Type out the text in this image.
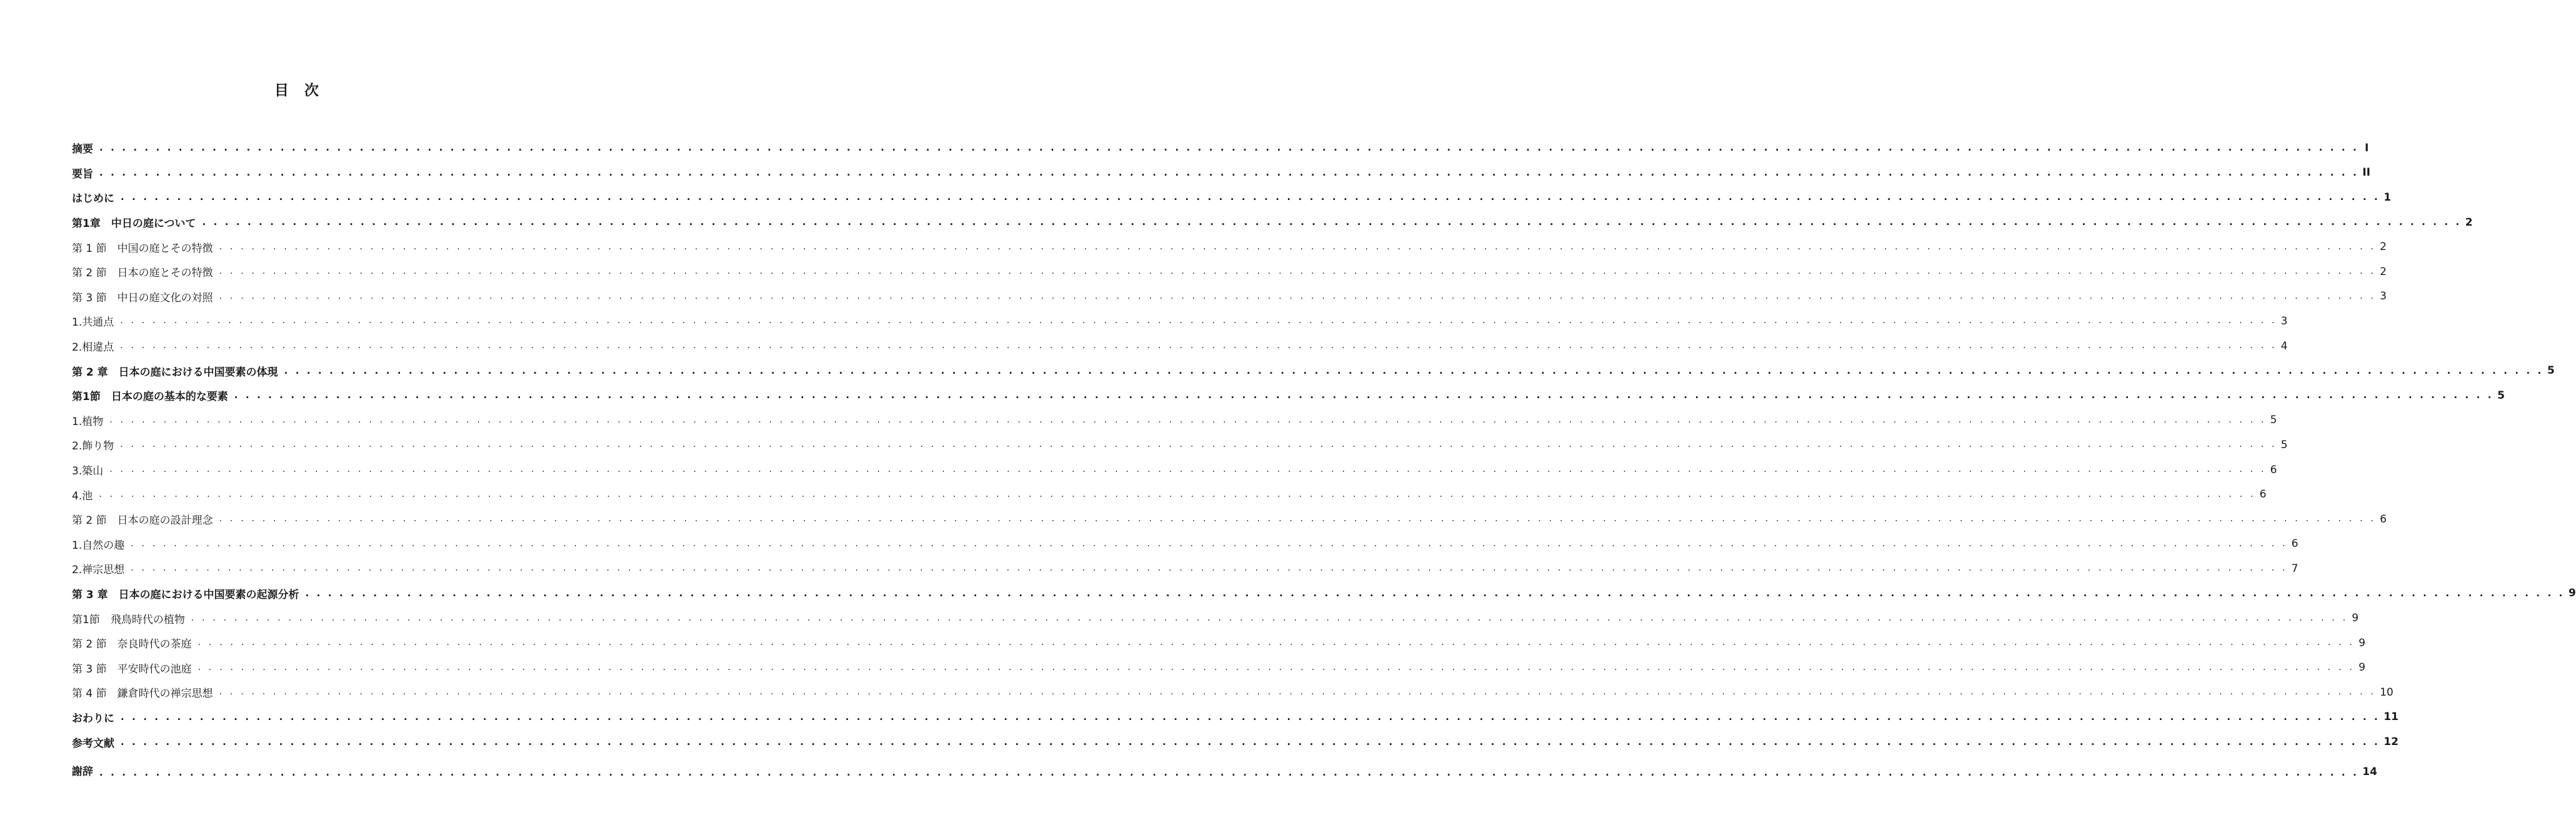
目　次
摘要 . . . . . . . . . . . . . . . . . . . . . . . . . . . . . . . . . . . . . . . . . . . . . . . . . . . . . . . . . . . . . . . . . . . . . . . . . . . . . . . . . . . . . . . . . . . . . . . . . . . . . . . . . . . . . . . . . . . . . . . . . . . . . . . . . . . . . . . . . . . . . . . . . . . . . . . . . . . . . . . . . . . . . . . . . . . . . . . . . . . . . . . . . . . . . . . . . . . . . . . . I
要旨 . . . . . . . . . . . . . . . . . . . . . . . . . . . . . . . . . . . . . . . . . . . . . . . . . . . . . . . . . . . . . . . . . . . . . . . . . . . . . . . . . . . . . . . . . . . . . . . . . . . . . . . . . . . . . . . . . . . . . . . . . . . . . . . . . . . . . . . . . . . . . . . . . . . . . . . . . . . . . . . . . . . . . . . . . . . . . . . . . . . . . . . . . . . . . . . . . . . . . . . . II
はじめに . . . . . . . . . . . . . . . . . . . . . . . . . . . . . . . . . . . . . . . . . . . . . . . . . . . . . . . . . . . . . . . . . . . . . . . . . . . . . . . . . . . . . . . . . . . . . . . . . . . . . . . . . . . . . . . . . . . . . . . . . . . . . . . . . . . . . . . . . . . . . . . . . . . . . . . . . . . . . . . . . . . . . . . . . . . . . . . . . . . . . . . . . . . . . . . . . . . . . . . . 1
第1章　中日の庭について . . . . . . . . . . . . . . . . . . . . . . . . . . . . . . . . . . . . . . . . . . . . . . . . . . . . . . . . . . . . . . . . . . . . . . . . . . . . . . . . . . . . . . . . . . . . . . . . . . . . . . . . . . . . . . . . . . . . . . . . . . . . . . . . . . . . . . . . . . . . . . . . . . . . . . . . . . . . . . . . . . . . . . . . . . . . . . . . . . . . . . . . . . . . . . . . . . . . . . . . 2
第 1 節　中国の庭とその特徴 . . . . . . . . . . . . . . . . . . . . . . . . . . . . . . . . . . . . . . . . . . . . . . . . . . . . . . . . . . . . . . . . . . . . . . . . . . . . . . . . . . . . . . . . . . . . . . . . . . . . . . . . . . . . . . . . . . . . . . . . . . . . . . . . . . . . . . . . . . . . . . . . . . . . . . . . . . . . . . . . . . . . . . . . . . . . . . . . . . . . . . . . . . . . . . . . . . . . . . . . 2
第 2 節　日本の庭とその特徴 . . . . . . . . . . . . . . . . . . . . . . . . . . . . . . . . . . . . . . . . . . . . . . . . . . . . . . . . . . . . . . . . . . . . . . . . . . . . . . . . . . . . . . . . . . . . . . . . . . . . . . . . . . . . . . . . . . . . . . . . . . . . . . . . . . . . . . . . . . . . . . . . . . . . . . . . . . . . . . . . . . . . . . . . . . . . . . . . . . . . . . . . . . . . . . . . . . . . . . . . 2
第 3 節　中日の庭文化の対照 . . . . . . . . . . . . . . . . . . . . . . . . . . . . . . . . . . . . . . . . . . . . . . . . . . . . . . . . . . . . . . . . . . . . . . . . . . . . . . . . . . . . . . . . . . . . . . . . . . . . . . . . . . . . . . . . . . . . . . . . . . . . . . . . . . . . . . . . . . . . . . . . . . . . . . . . . . . . . . . . . . . . . . . . . . . . . . . . . . . . . . . . . . . . . . . . . . . . . . . . 3
1.共通点 . . . . . . . . . . . . . . . . . . . . . . . . . . . . . . . . . . . . . . . . . . . . . . . . . . . . . . . . . . . . . . . . . . . . . . . . . . . . . . . . . . . . . . . . . . . . . . . . . . . . . . . . . . . . . . . . . . . . . . . . . . . . . . . . . . . . . . . . . . . . . . . . . . . . . . . . . . . . . . . . . . . . . . . . . . . . . . . . . . . . . . . . . . . . . . . . . . . . . . . . 3
2.相違点 . . . . . . . . . . . . . . . . . . . . . . . . . . . . . . . . . . . . . . . . . . . . . . . . . . . . . . . . . . . . . . . . . . . . . . . . . . . . . . . . . . . . . . . . . . . . . . . . . . . . . . . . . . . . . . . . . . . . . . . . . . . . . . . . . . . . . . . . . . . . . . . . . . . . . . . . . . . . . . . . . . . . . . . . . . . . . . . . . . . . . . . . . . . . . . . . . . . . . . . . 4
第 2 章　日本の庭における中国要素の体現 . . . . . . . . . . . . . . . . . . . . . . . . . . . . . . . . . . . . . . . . . . . . . . . . . . . . . . . . . . . . . . . . . . . . . . . . . . . . . . . . . . . . . . . . . . . . . . . . . . . . . . . . . . . . . . . . . . . . . . . . . . . . . . . . . . . . . . . . . . . . . . . . . . . . . . . . . . . . . . . . . . . . . . . . . . . . . . . . . . . . . . . . . . . . . . . . . . . . . . . . 5
第1節　日本の庭の基本的な要素 . . . . . . . . . . . . . . . . . . . . . . . . . . . . . . . . . . . . . . . . . . . . . . . . . . . . . . . . . . . . . . . . . . . . . . . . . . . . . . . . . . . . . . . . . . . . . . . . . . . . . . . . . . . . . . . . . . . . . . . . . . . . . . . . . . . . . . . . . . . . . . . . . . . . . . . . . . . . . . . . . . . . . . . . . . . . . . . . . . . . . . . . . . . . . . . . . . . . . . . . 5
1.植物 . . . . . . . . . . . . . . . . . . . . . . . . . . . . . . . . . . . . . . . . . . . . . . . . . . . . . . . . . . . . . . . . . . . . . . . . . . . . . . . . . . . . . . . . . . . . . . . . . . . . . . . . . . . . . . . . . . . . . . . . . . . . . . . . . . . . . . . . . . . . . . . . . . . . . . . . . . . . . . . . . . . . . . . . . . . . . . . . . . . . . . . . . . . . . . . . . . . . . . . . 5
2.飾り物 . . . . . . . . . . . . . . . . . . . . . . . . . . . . . . . . . . . . . . . . . . . . . . . . . . . . . . . . . . . . . . . . . . . . . . . . . . . . . . . . . . . . . . . . . . . . . . . . . . . . . . . . . . . . . . . . . . . . . . . . . . . . . . . . . . . . . . . . . . . . . . . . . . . . . . . . . . . . . . . . . . . . . . . . . . . . . . . . . . . . . . . . . . . . . . . . . . . . . . . . 5
3.築山 . . . . . . . . . . . . . . . . . . . . . . . . . . . . . . . . . . . . . . . . . . . . . . . . . . . . . . . . . . . . . . . . . . . . . . . . . . . . . . . . . . . . . . . . . . . . . . . . . . . . . . . . . . . . . . . . . . . . . . . . . . . . . . . . . . . . . . . . . . . . . . . . . . . . . . . . . . . . . . . . . . . . . . . . . . . . . . . . . . . . . . . . . . . . . . . . . . . . . . . . 6
4.池 . . . . . . . . . . . . . . . . . . . . . . . . . . . . . . . . . . . . . . . . . . . . . . . . . . . . . . . . . . . . . . . . . . . . . . . . . . . . . . . . . . . . . . . . . . . . . . . . . . . . . . . . . . . . . . . . . . . . . . . . . . . . . . . . . . . . . . . . . . . . . . . . . . . . . . . . . . . . . . . . . . . . . . . . . . . . . . . . . . . . . . . . . . . . . . . . . . . . . . . . 6
第 2 節　日本の庭の設計理念 . . . . . . . . . . . . . . . . . . . . . . . . . . . . . . . . . . . . . . . . . . . . . . . . . . . . . . . . . . . . . . . . . . . . . . . . . . . . . . . . . . . . . . . . . . . . . . . . . . . . . . . . . . . . . . . . . . . . . . . . . . . . . . . . . . . . . . . . . . . . . . . . . . . . . . . . . . . . . . . . . . . . . . . . . . . . . . . . . . . . . . . . . . . . . . . . . . . . . . . . 6
1.自然の趣 . . . . . . . . . . . . . . . . . . . . . . . . . . . . . . . . . . . . . . . . . . . . . . . . . . . . . . . . . . . . . . . . . . . . . . . . . . . . . . . . . . . . . . . . . . . . . . . . . . . . . . . . . . . . . . . . . . . . . . . . . . . . . . . . . . . . . . . . . . . . . . . . . . . . . . . . . . . . . . . . . . . . . . . . . . . . . . . . . . . . . . . . . . . . . . . . . . . . . . . . 6
2.禅宗思想 . . . . . . . . . . . . . . . . . . . . . . . . . . . . . . . . . . . . . . . . . . . . . . . . . . . . . . . . . . . . . . . . . . . . . . . . . . . . . . . . . . . . . . . . . . . . . . . . . . . . . . . . . . . . . . . . . . . . . . . . . . . . . . . . . . . . . . . . . . . . . . . . . . . . . . . . . . . . . . . . . . . . . . . . . . . . . . . . . . . . . . . . . . . . . . . . . . . . . . . . 7
第 3 章　日本の庭における中国要素の起源分析 . . . . . . . . . . . . . . . . . . . . . . . . . . . . . . . . . . . . . . . . . . . . . . . . . . . . . . . . . . . . . . . . . . . . . . . . . . . . . . . . . . . . . . . . . . . . . . . . . . . . . . . . . . . . . . . . . . . . . . . . . . . . . . . . . . . . . . . . . . . . . . . . . . . . . . . . . . . . . . . . . . . . . . . . . . . . . . . . . . . . . . . . . . . . . . . . . . . . . . . . 9
第1節　飛鳥時代の植物 . . . . . . . . . . . . . . . . . . . . . . . . . . . . . . . . . . . . . . . . . . . . . . . . . . . . . . . . . . . . . . . . . . . . . . . . . . . . . . . . . . . . . . . . . . . . . . . . . . . . . . . . . . . . . . . . . . . . . . . . . . . . . . . . . . . . . . . . . . . . . . . . . . . . . . . . . . . . . . . . . . . . . . . . . . . . . . . . . . . . . . . . . . . . . . . . . . . . . . . . 9
第 2 節　奈良時代の茶庭 . . . . . . . . . . . . . . . . . . . . . . . . . . . . . . . . . . . . . . . . . . . . . . . . . . . . . . . . . . . . . . . . . . . . . . . . . . . . . . . . . . . . . . . . . . . . . . . . . . . . . . . . . . . . . . . . . . . . . . . . . . . . . . . . . . . . . . . . . . . . . . . . . . . . . . . . . . . . . . . . . . . . . . . . . . . . . . . . . . . . . . . . . . . . . . . . . . . . . . . . 9
第 3 節　平安時代の池庭 . . . . . . . . . . . . . . . . . . . . . . . . . . . . . . . . . . . . . . . . . . . . . . . . . . . . . . . . . . . . . . . . . . . . . . . . . . . . . . . . . . . . . . . . . . . . . . . . . . . . . . . . . . . . . . . . . . . . . . . . . . . . . . . . . . . . . . . . . . . . . . . . . . . . . . . . . . . . . . . . . . . . . . . . . . . . . . . . . . . . . . . . . . . . . . . . . . . . . . . . 9
第 4 節　鎌倉時代の禅宗思想 . . . . . . . . . . . . . . . . . . . . . . . . . . . . . . . . . . . . . . . . . . . . . . . . . . . . . . . . . . . . . . . . . . . . . . . . . . . . . . . . . . . . . . . . . . . . . . . . . . . . . . . . . . . . . . . . . . . . . . . . . . . . . . . . . . . . . . . . . . . . . . . . . . . . . . . . . . . . . . . . . . . . . . . . . . . . . . . . . . . . . . . . . . . . . . . . . . . . . . . . 10
おわりに . . . . . . . . . . . . . . . . . . . . . . . . . . . . . . . . . . . . . . . . . . . . . . . . . . . . . . . . . . . . . . . . . . . . . . . . . . . . . . . . . . . . . . . . . . . . . . . . . . . . . . . . . . . . . . . . . . . . . . . . . . . . . . . . . . . . . . . . . . . . . . . . . . . . . . . . . . . . . . . . . . . . . . . . . . . . . . . . . . . . . . . . . . . . . . . . . . . . . . . . 11
参考文献 . . . . . . . . . . . . . . . . . . . . . . . . . . . . . . . . . . . . . . . . . . . . . . . . . . . . . . . . . . . . . . . . . . . . . . . . . . . . . . . . . . . . . . . . . . . . . . . . . . . . . . . . . . . . . . . . . . . . . . . . . . . . . . . . . . . . . . . . . . . . . . . . . . . . . . . . . . . . . . . . . . . . . . . . . . . . . . . . . . . . . . . . . . . . . . . . . . . . . . . . 12
謝辞 . . . . . . . . . . . . . . . . . . . . . . . . . . . . . . . . . . . . . . . . . . . . . . . . . . . . . . . . . . . . . . . . . . . . . . . . . . . . . . . . . . . . . . . . . . . . . . . . . . . . . . . . . . . . . . . . . . . . . . . . . . . . . . . . . . . . . . . . . . . . . . . . . . . . . . . . . . . . . . . . . . . . . . . . . . . . . . . . . . . . . . . . . . . . . . . . . . . . . . . . 14
